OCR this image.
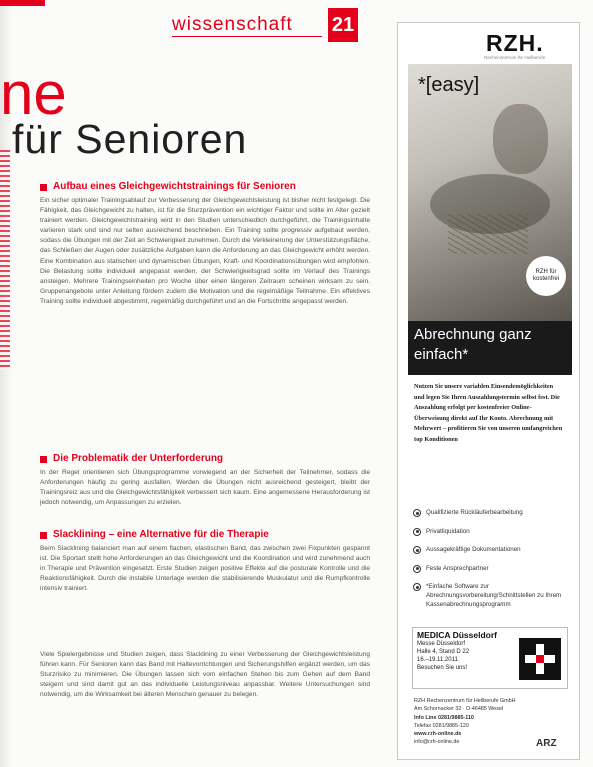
wissenschaft 21
ne
für Senioren
Aufbau eines Gleichgewichtstrainings für Senioren
Ein sicher optimaler Trainingsablauf zur Verbesserung der Gleichgewichtsleistung ist bisher nicht festgelegt. Die Fähigkeit, das Gleichgewicht zu halten, ist für die Sturzprävention ein wichtiger Faktor und sollte im Alter gezielt trainiert werden. Gleichgewichtstraining wird in den Studien unterschiedlich durchgeführt, die Trainingsinhalte variieren stark und sind nur selten ausreichend beschrieben. Ein Training sollte progressiv aufgebaut werden, sodass die Übungen mit der Zeit an Schwierigkeit zunehmen. Durch die Verkleinerung der Unterstützungsfläche, das Schließen der Augen oder zusätzliche Aufgaben kann die Anforderung an das Gleichgewicht erhöht werden. Eine Kombination aus statischen und dynamischen Übungen, Kraft- und Koordinationsübungen wird empfohlen. Die Belastung sollte individuell angepasst werden, der Schwierigkeitsgrad sollte im Verlauf des Trainings ansteigen. Mehrere Trainingseinheiten pro Woche über einen längeren Zeitraum scheinen wirksam zu sein. Gruppenangebote unter Anleitung fördern zudem die Motivation und die regelmäßige Teilnahme. Ein effektives Training sollte individuell abgestimmt, regelmäßig durchgeführt und an die Fortschritte angepasst werden.
Die Problematik der Unterforderung
In der Regel orientieren sich Übungsprogramme vorwiegend an der Sicherheit der Teilnehmer, sodass die Anforderungen häufig zu gering ausfallen. Werden die Übungen nicht ausreichend gesteigert, bleibt der Trainingsreiz aus und die Gleichgewichtsfähigkeit verbessert sich kaum. Eine angemessene Herausforderung ist jedoch notwendig, um Anpassungen zu erzielen.
Slacklining – eine Alternative für die Therapie
Beim Slacklining balanciert man auf einem flachen, elastischen Band, das zwischen zwei Fixpunkten gespannt ist. Die Sportart stellt hohe Anforderungen an das Gleichgewicht und die Koordination und wird zunehmend auch in Therapie und Prävention eingesetzt. Erste Studien zeigen positive Effekte auf die posturale Kontrolle und die Reaktionsfähigkeit. Durch die instabile Unterlage werden die stabilisierende Muskulatur und die Rumpfkontrolle intensiv trainiert.
Viele Spielergebnisse und Studien zeigen, dass Slacklining zu einer Verbesserung der Gleichgewichtsleistung führen kann. Für Senioren kann das Band mit Haltevorrichtungen und Sicherungshilfen ergänzt werden, um das Sturzrisiko zu minimieren. Die Übungen lassen sich vom einfachen Stehen bis zum Gehen auf dem Band steigern und sind damit gut an das individuelle Leistungsniveau anpassbar. Weitere Untersuchungen sind notwendig, um die Wirksamkeit bei älteren Menschen genauer zu belegen.
RZH.
Rechenzentrum für Heilberufe
*[easy]
RZH für kostenfrei
Abrechnung ganz einfach*
Nutzen Sie unsere variablen Einsendemöglichkeiten und legen Sie Ihren Auszahlungstermin selbst fest. Die Auszahlung erfolgt per kostenfreier Online-Überweisung direkt auf Ihr Konto. Abrechnung mit Mehrwert – profitieren Sie von unseren umfangreichen top Konditionen
Qualifizierte Rückläuferbearbeitung
Privatliquidation
Aussagekräftige Dokumentationen
Feste Ansprechpartner
*Einfache Software zur Abrechnungsvorbereitung/Schnittstellen zu Ihrem Kassenabrechnungsprogramm
MEDICA Düsseldorf
Messe Düsseldorf
Halle 4, Stand D 22
16.–19.11.2011
Besuchen Sie uns!
RZH Rechenzentrum für Heilberufe GmbH
Am Schornacker 32 · D-46485 Wesel
Info Line 0281/9885-110
Telefax 0281/9885-120
www.rzh-online.de
info@rzh-online.de	ARZ
